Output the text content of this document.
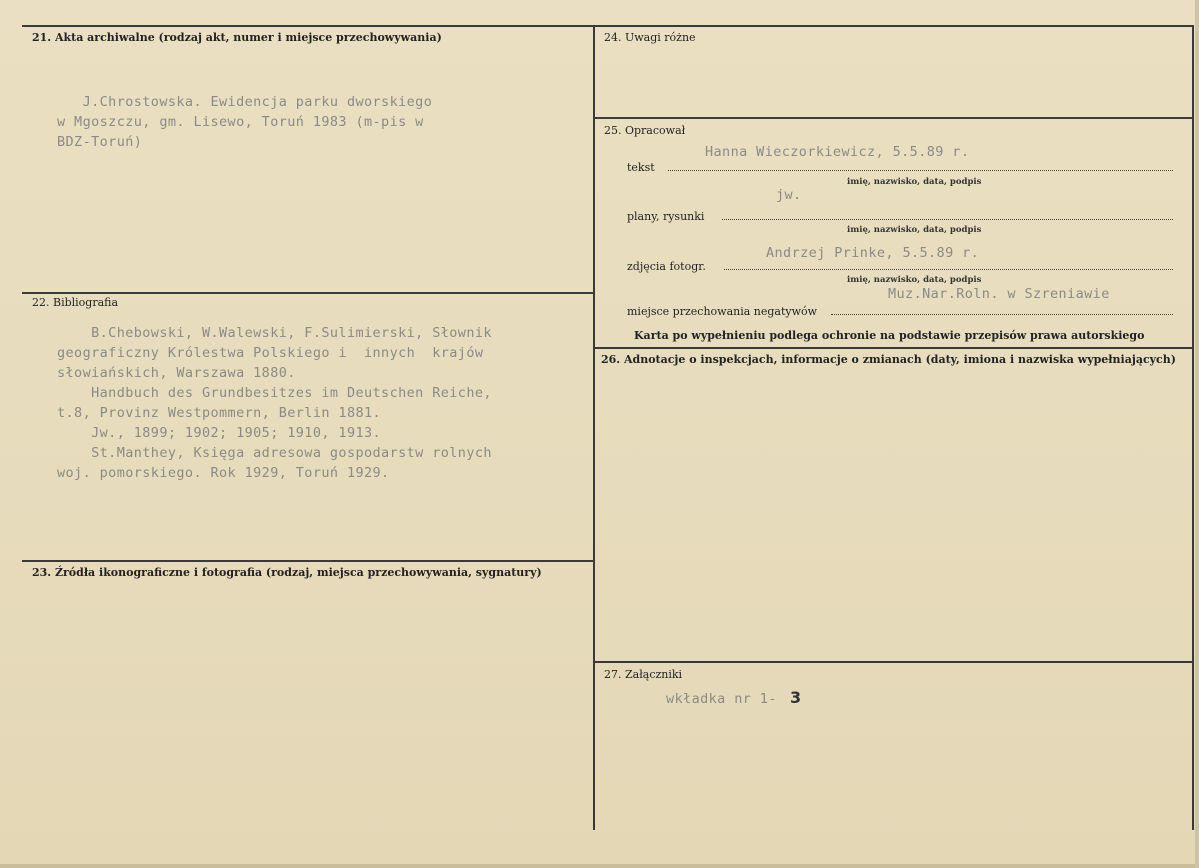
21. Akta archiwalne (rodzaj akt, numer i miejsce przechowywania)
J.Chrostowska. Ewidencja parku dworskiego
w Mgoszczu, gm. Lisewo, Toruń 1983 (m-pis w
BDZ-Toruń)
22. Bibliografia
B.Chebowski, W.Walewski, F.Sulimierski, Słownik
geograficzny Królestwa Polskiego i  innych  krajów
słowiańskich, Warszawa 1880.
Handbuch des Grundbesitzes im Deutschen Reiche,
t.8, Provinz Westpommern, Berlin 1881.
Jw., 1899; 1902; 1905; 1910, 1913.
St.Manthey, Księga adresowa gospodarstw rolnych
woj. pomorskiego. Rok 1929, Toruń 1929.
23. Źródła ikonograficzne i fotografia (rodzaj, miejsca przechowywania, sygnatury)
24. Uwagi różne
25. Opracował
Hanna Wieczorkiewicz, 5.5.89 r.
tekst
imię, nazwisko, data, podpis
jw.
plany, rysunki
imię, nazwisko, data, podpis
Andrzej Prinke, 5.5.89 r.
zdjęcia fotogr.
imię, nazwisko, data, podpis
Muz.Nar.Roln. w Szreniawie
miejsce przechowania negatywów
Karta po wypełnieniu podlega ochronie na podstawie przepisów prawa autorskiego
26. Adnotacje o inspekcjach, informacje o zmianach (daty, imiona i nazwiska wypełniających)
27. Załączniki
wkładka nr 1- 3
